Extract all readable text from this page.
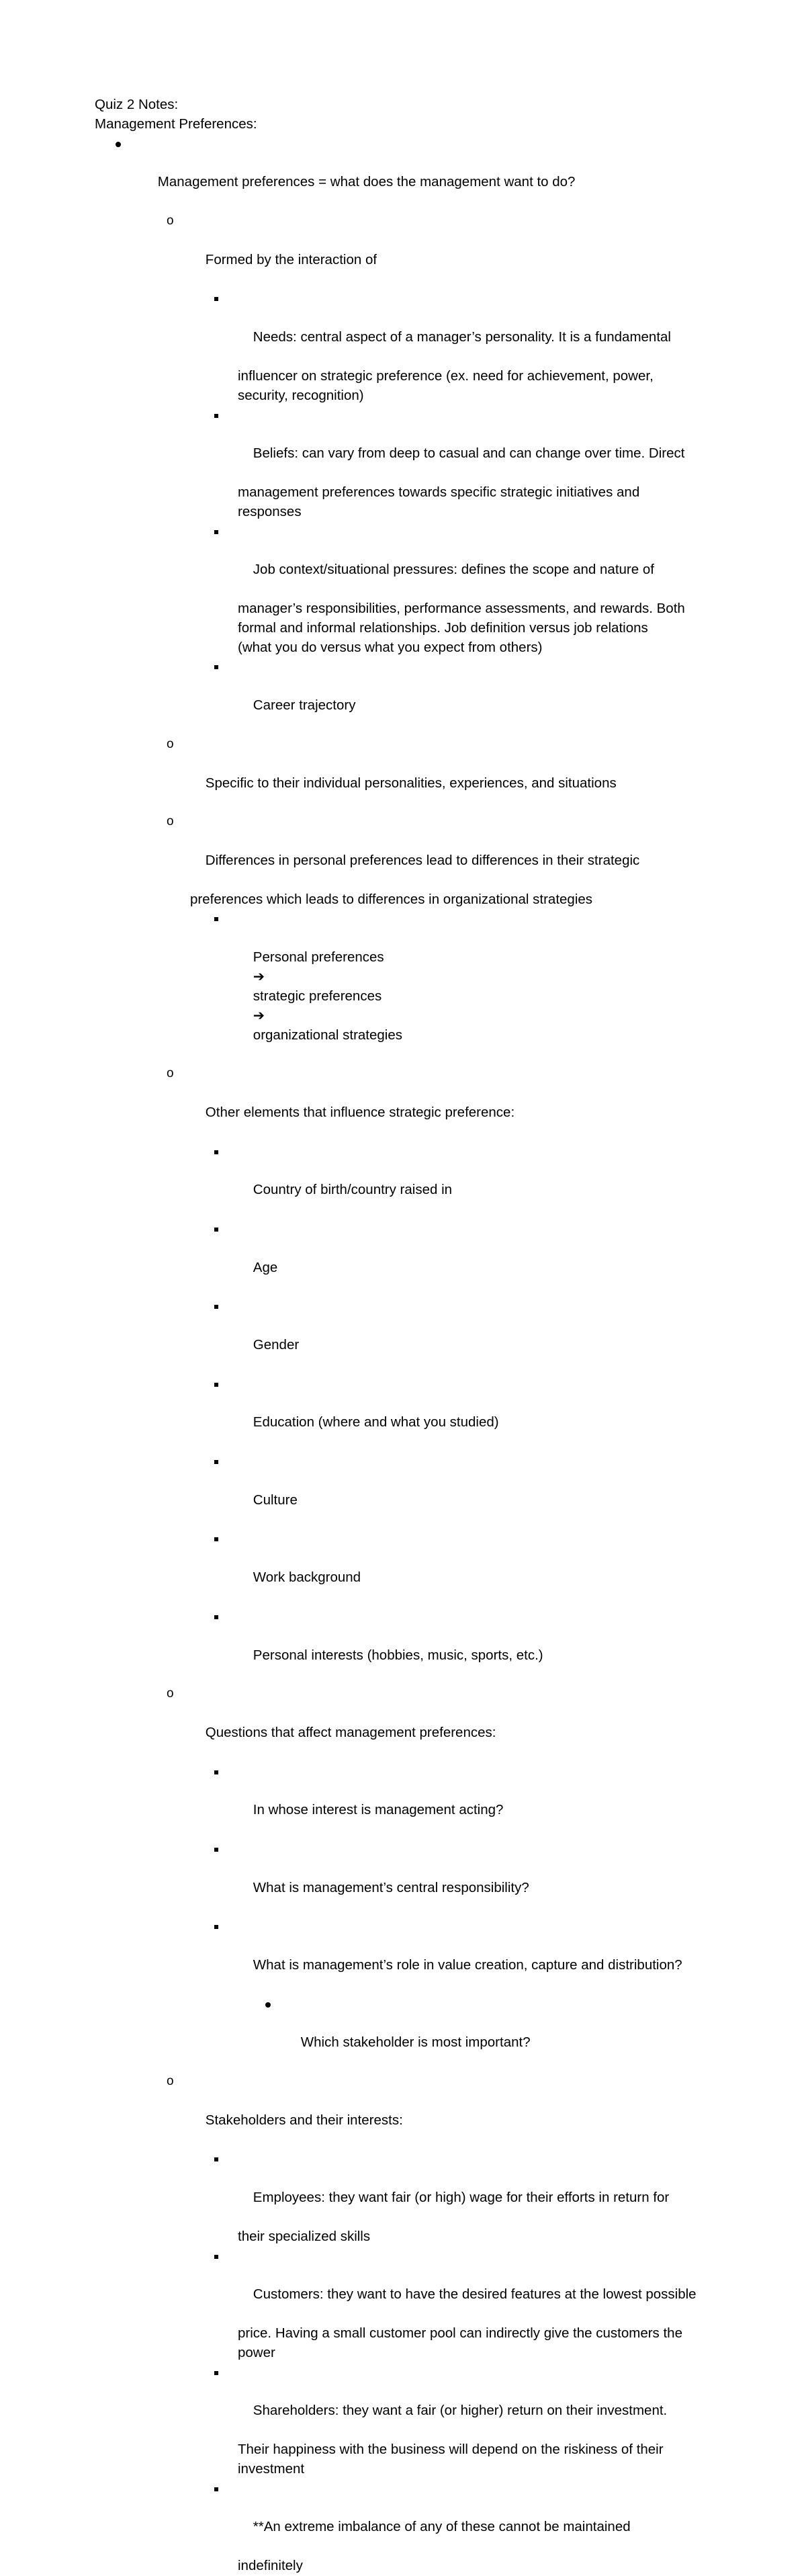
Quiz 2 Notes:
Management Preferences:

Management preferences = what does the management want to do?

o

Formed by the interaction of

Needs: central aspect of a manager’s personality. It is a fundamental

influencer on strategic preference (ex. need for achievement, power,
security, recognition)

Beliefs: can vary from deep to casual and can change over time. Direct

management preferences towards specific strategic initiatives and
responses

Job context/situational pressures: defines the scope and nature of

manager’s responsibilities, performance assessments, and rewards. Both
formal and informal relationships. Job definition versus job relations
(what you do versus what you expect from others)

Career trajectory

o

Specific to their individual personalities, experiences, and situations

o

Differences in personal preferences lead to differences in their strategic

preferences which leads to differences in organizational strategies

Personal preferences
➔
strategic preferences
➔
organizational strategies

o

Other elements that influence strategic preference:

Country of birth/country raised in

Age

Gender

Education (where and what you studied)

Culture

Work background

Personal interests (hobbies, music, sports, etc.)

o

Questions that affect management preferences:

In whose interest is management acting?

What is management’s central responsibility?

What is management’s role in value creation, capture and distribution?

Which stakeholder is most important?

o

Stakeholders and their interests:

Employees: they want fair (or high) wage for their efforts in return for

their specialized skills

Customers: they want to have the desired features at the lowest possible

price. Having a small customer pool can indirectly give the customers the
power

Shareholders: they want a fair (or higher) return on their investment.

Their happiness with the business will depend on the riskiness of their
investment

**An extreme imbalance of any of these cannot be maintained

indefinitely
